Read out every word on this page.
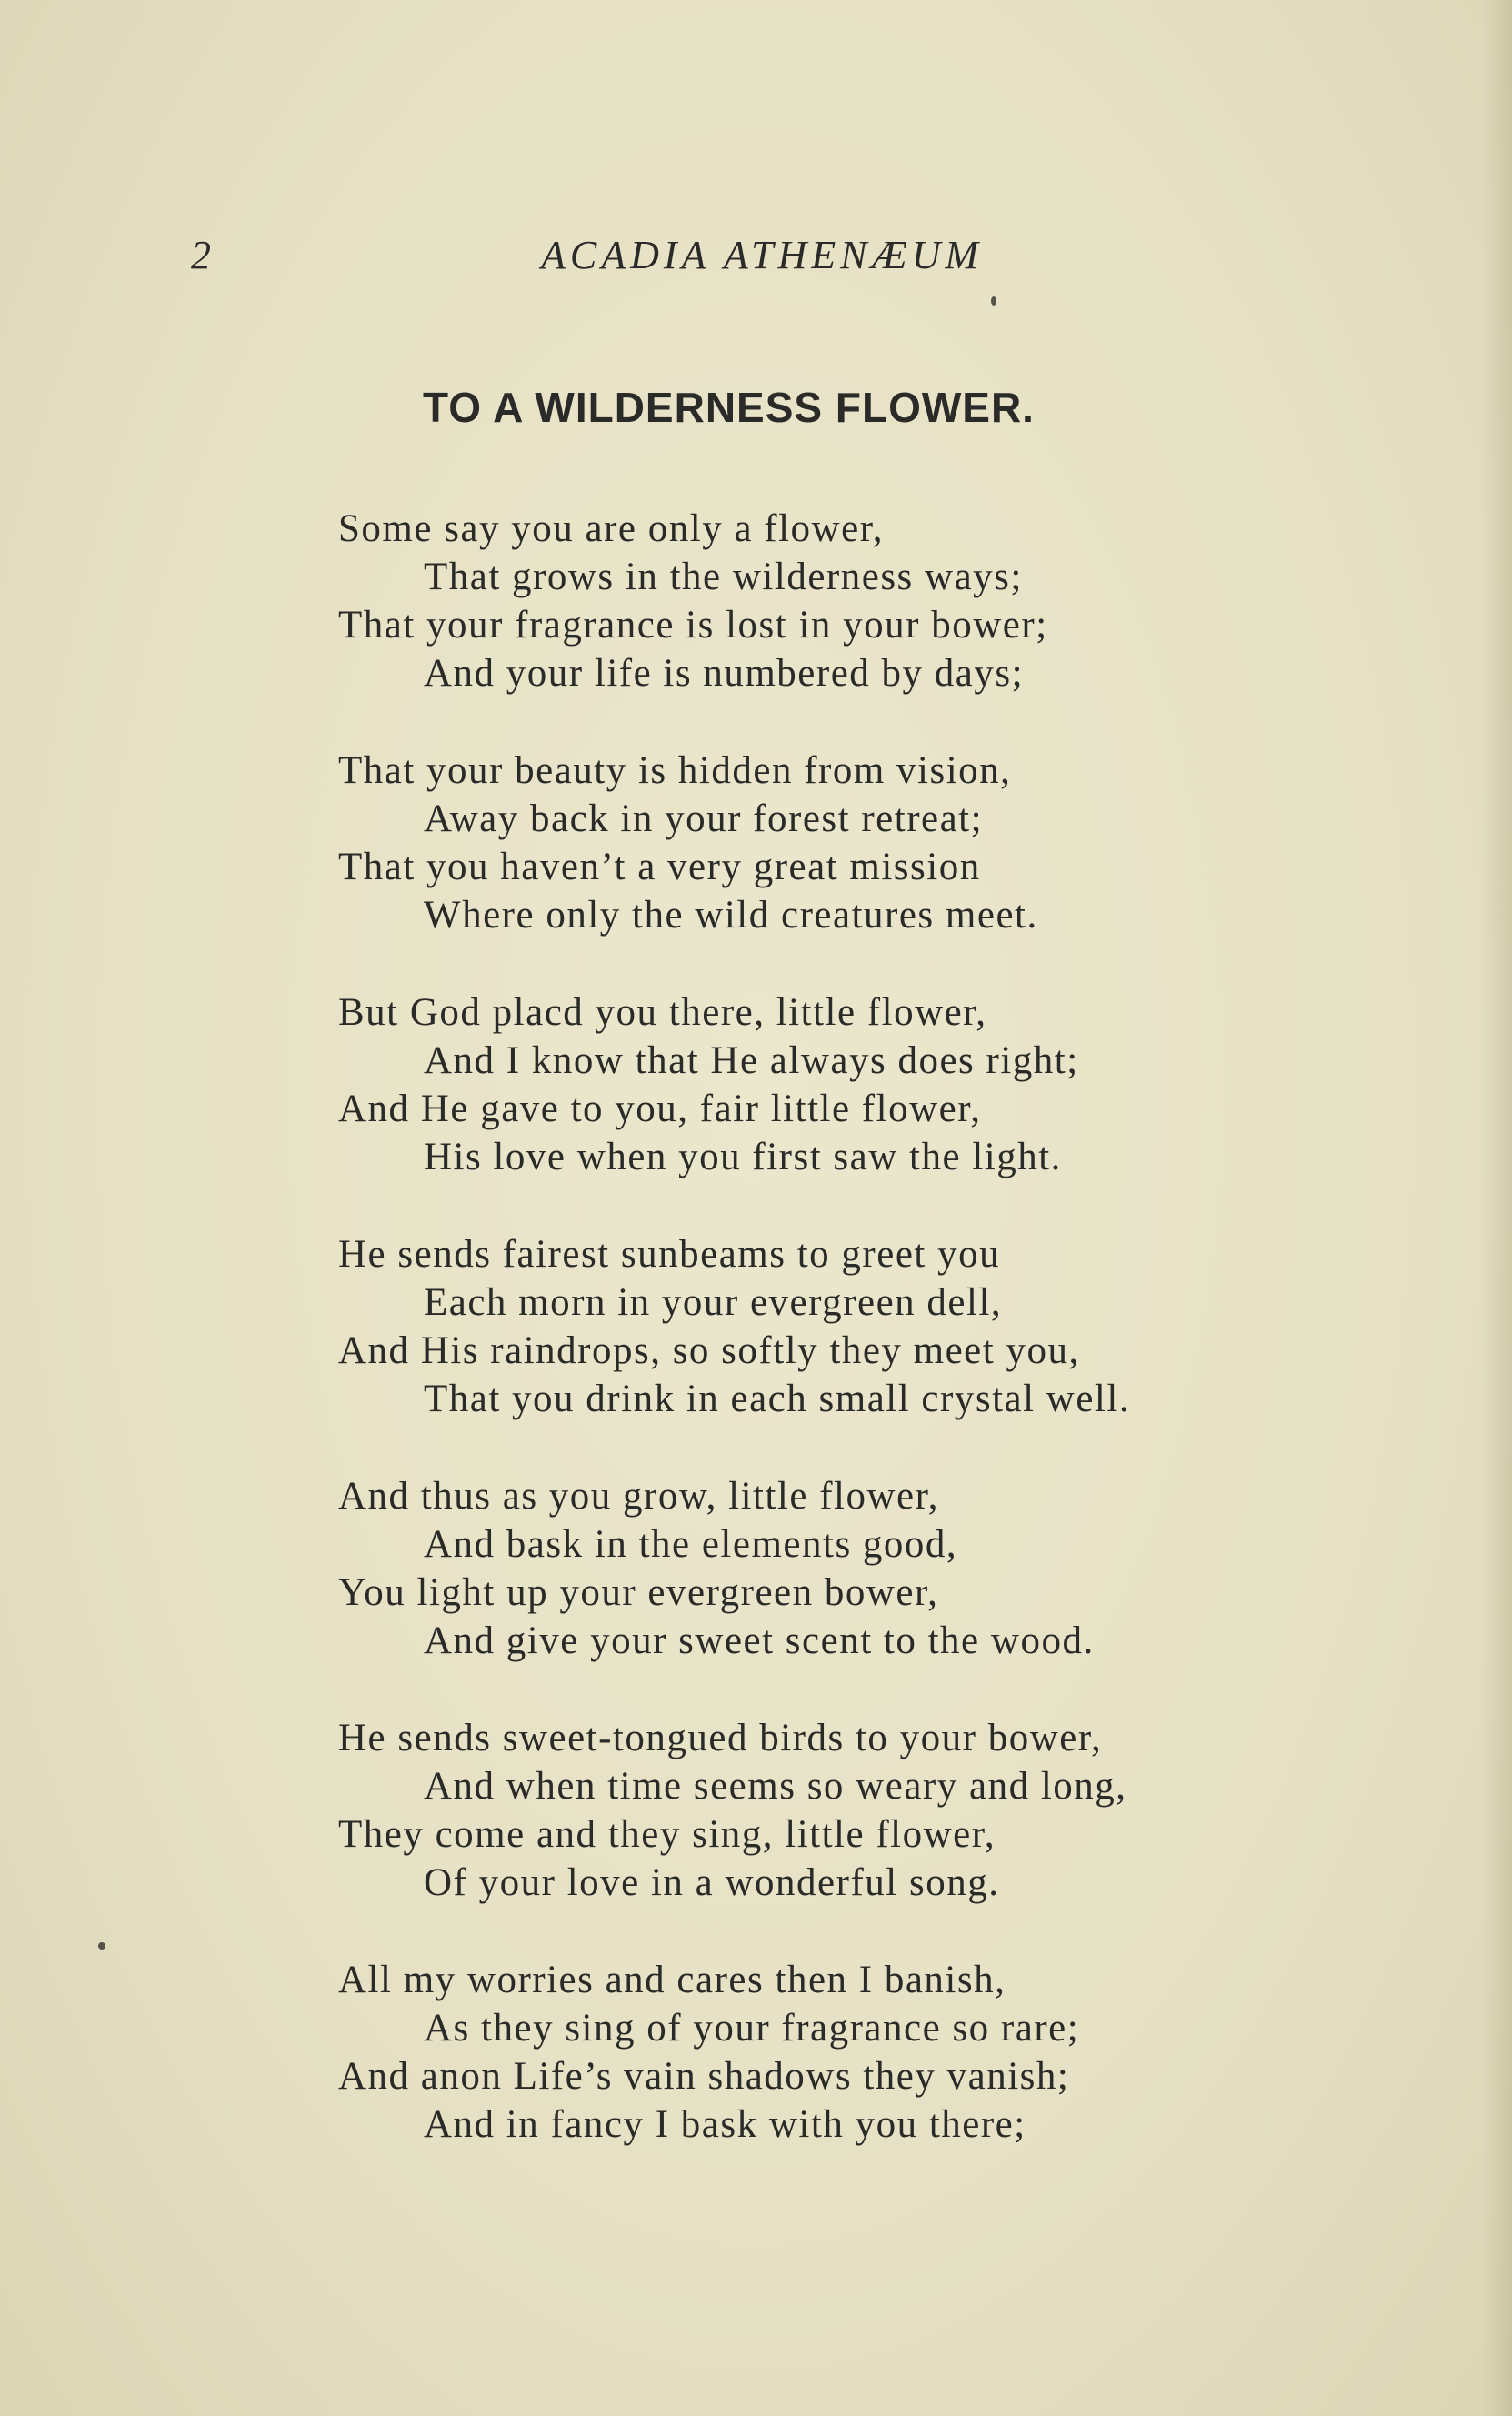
2	ACADIA ATHENÆUM
TO A WILDERNESS FLOWER.
Some say you are only a flower,
That grows in the wilderness ways;
That your fragrance is lost in your bower;
And your life is numbered by days;
That your beauty is hidden from vision,
Away back in your forest retreat;
That you haven’t a very great mission
Where only the wild creatures meet.
But God placd you there, little flower,
And I know that He always does right;
And He gave to you, fair little flower,
His love when you first saw the light.
He sends fairest sunbeams to greet you
Each morn in your evergreen dell,
And His raindrops, so softly they meet you,
That you drink in each small crystal well.
And thus as you grow, little flower,
And bask in the elements good,
You light up your evergreen bower,
And give your sweet scent to the wood.
He sends sweet-tongued birds to your bower,
And when time seems so weary and long,
They come and they sing, little flower,
Of your love in a wonderful song.
All my worries and cares then I banish,
As they sing of your fragrance so rare;
And anon Life’s vain shadows they vanish;
And in fancy I bask with you there;
